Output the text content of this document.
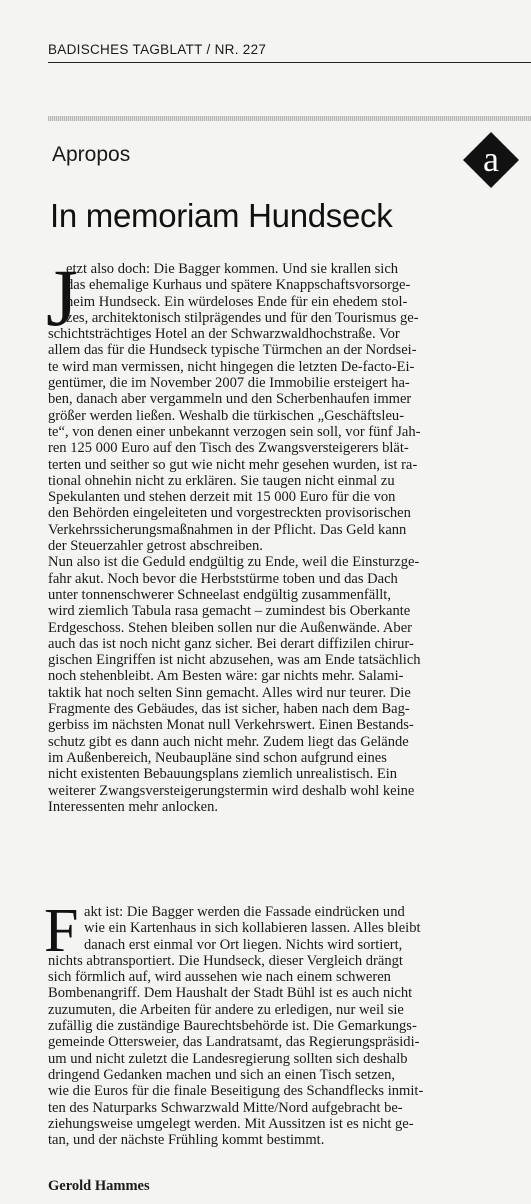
BADISCHES TAGBLATT / NR. 227
Apropos	a
In memoriam Hundseck
J
etzt also doch: Die Bagger kommen. Und sie krallen sich
das ehemalige Kurhaus und spätere Knappschaftsvorsorge-
heim Hundseck. Ein würdeloses Ende für ein ehedem stol-
zes, architektonisch stilprägendes und für den Tourismus ge-
schichtsträchtiges Hotel an der Schwarzwaldhochstraße. Vor
allem das für die Hundseck typische Türmchen an der Nordsei-
te wird man vermissen, nicht hingegen die letzten De-facto-Ei-
gentümer, die im November 2007 die Immobilie ersteigert ha-
ben, danach aber vergammeln und den Scherbenhaufen immer
größer werden ließen. Weshalb die türkischen „Geschäftsleu-
te“, von denen einer unbekannt verzogen sein soll, vor fünf Jah-
ren 125 000 Euro auf den Tisch des Zwangsversteigerers blät-
terten und seither so gut wie nicht mehr gesehen wurden, ist ra-
tional ohnehin nicht zu erklären. Sie taugen nicht einmal zu
Spekulanten und stehen derzeit mit 15 000 Euro für die von
den Behörden eingeleiteten und vorgestreckten provisorischen
Verkehrssicherungsmaßnahmen in der Pflicht. Das Geld kann
der Steuerzahler getrost abschreiben.
Nun also ist die Geduld endgültig zu Ende, weil die Einsturzge-
fahr akut. Noch bevor die Herbststürme toben und das Dach
unter tonnenschwerer Schneelast endgültig zusammenfällt,
wird ziemlich Tabula rasa gemacht – zumindest bis Oberkante
Erdgeschoss. Stehen bleiben sollen nur die Außenwände. Aber
auch das ist noch nicht ganz sicher. Bei derart diffizilen chirur-
gischen Eingriffen ist nicht abzusehen, was am Ende tatsächlich
noch stehenbleibt. Am Besten wäre: gar nichts mehr. Salami-
taktik hat noch selten Sinn gemacht. Alles wird nur teurer. Die
Fragmente des Gebäudes, das ist sicher, haben nach dem Bag-
gerbiss im nächsten Monat null Verkehrswert. Einen Bestands-
schutz gibt es dann auch nicht mehr. Zudem liegt das Gelände
im Außenbereich, Neubaupläne sind schon aufgrund eines
nicht existenten Bebauungsplans ziemlich unrealistisch. Ein
weiterer Zwangsversteigerungstermin wird deshalb wohl keine
Interessenten mehr anlocken.
F akt ist: Die Bagger werden die Fassade eindrücken und
wie ein Kartenhaus in sich kollabieren lassen. Alles bleibt
danach erst einmal vor Ort liegen. Nichts wird sortiert,
nichts abtransportiert. Die Hundseck, dieser Vergleich drängt
sich förmlich auf, wird aussehen wie nach einem schweren
Bombenangriff. Dem Haushalt der Stadt Bühl ist es auch nicht
zuzumuten, die Arbeiten für andere zu erledigen, nur weil sie
zufällig die zuständige Baurechtsbehörde ist. Die Gemarkungs-
gemeinde Ottersweier, das Landratsamt, das Regierungspräsidi-
um und nicht zuletzt die Landesregierung sollten sich deshalb
dringend Gedanken machen und sich an einen Tisch setzen,
wie die Euros für die finale Beseitigung des Schandflecks inmit-
ten des Naturparks Schwarzwald Mitte/Nord aufgebracht be-
ziehungsweise umgelegt werden. Mit Aussitzen ist es nicht ge-
tan, und der nächste Frühling kommt bestimmt.
Gerold Hammes
